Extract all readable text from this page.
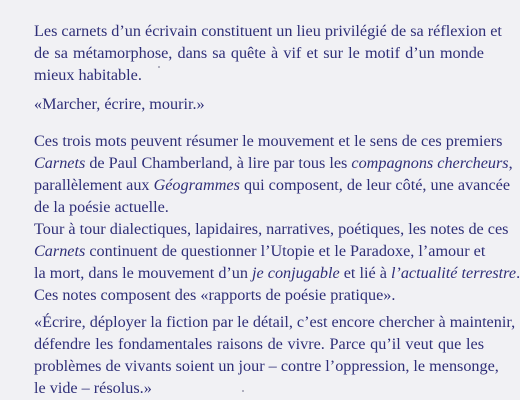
Les carnets d’un écrivain constituent un lieu privilégié de sa réflexion et
de sa métamorphose, dans sa quête à vif et sur le motif d’un monde
mieux habitable.

«Marcher, écrire, mourir.»

Ces trois mots peuvent résumer le mouvement et le sens de ces premiers
Carnets de Paul Chamberland, à lire par tous les compagnons chercheurs,
parallèlement aux Géogrammes qui composent, de leur côté, une avancée
de la poésie actuelle.

Tour à tour dialectiques, lapidaires, narratives, poétiques, les notes de ces
Carnets continuent de questionner l’Utopie et le Paradoxe, l’amour et
la mort, dans le mouvement d’un je conjugable et lié à l’actualité terrestre.
Ces notes composent des «rapports de poésie pratique».

«Écrire, déployer la fiction par le détail, c’est encore chercher à maintenir,
défendre les fondamentales raisons de vivre. Parce qu’il veut que les
problèmes de vivants soient un jour – contre l’oppression, le mensonge,
le vide – résolus.»
